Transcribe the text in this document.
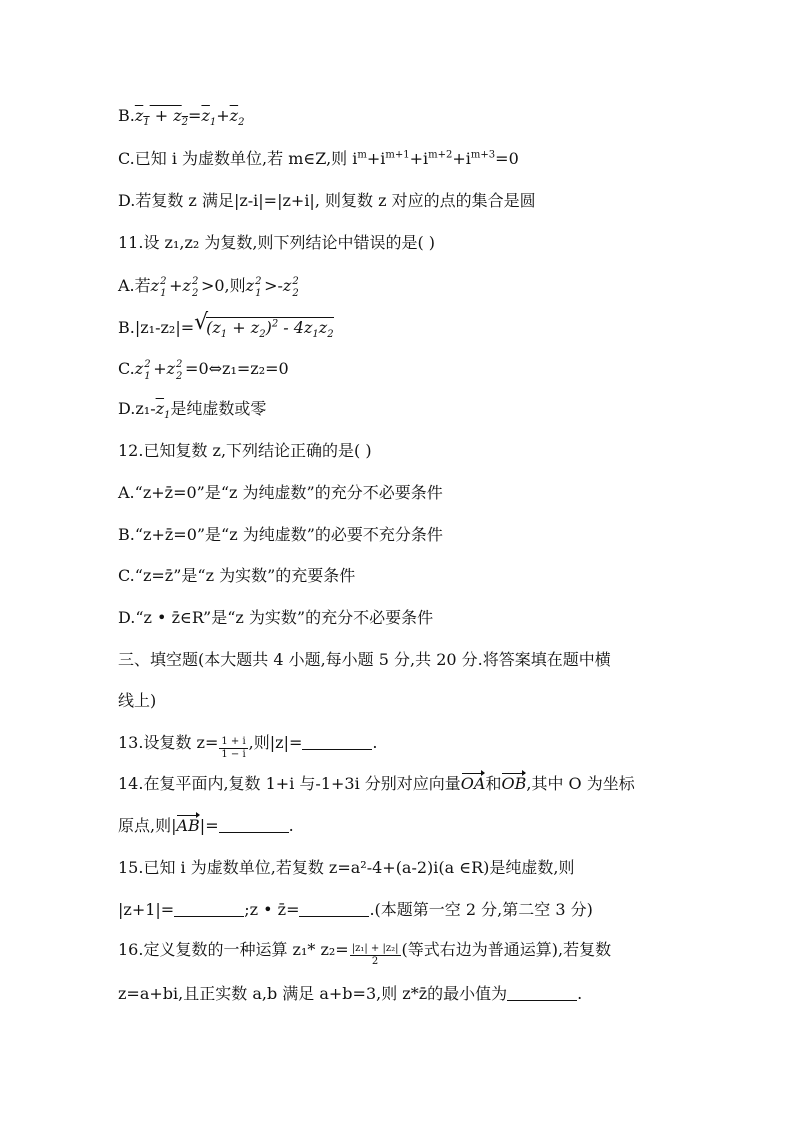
$B.z_1 + z_2=\overline{z}_1+\overline{z}_2$
C.已知 i 为虚数单位,若 m∈Z,则 $i^m+i^{m+1}+i^{m+2}+i^{m+3}=0$
D.若复数 z 满足|z-i|=|z+i|, 则复数 z 对应的点的集合是圆
11.设 z₁,z₂ 为复数,则下列结论中错误的是( )
A.若z 2
1 +z 2
2 >0,则z 2
1 >-z 2
2
B.|z₁-z₂|= √
$(z_1 + z_2)^2 - 4z_1z_2$
C.z 2
1 +z 2
2 =0⇔z₁=z₂=0
$D.z_1-\overline{z}_1$是纯虚数或零
12.已知复数 z,下列结论正确的是( )
A.“z+z̄=0”是“z 为纯虚数”的充分不必要条件
B.“z+z̄=0”是“z 为纯虚数”的必要不充分条件
C.“z=z̄”是“z 为实数”的充要条件
D.“z • z̄∈R”是“z 为实数”的充分不必要条件
三、填空题(本大题共 4 小题,每小题 5 分,共 20 分.将答案填在题中横
线上)
13.设复数 $z= \frac{1 + i}{1 - i}$ ,则|z|=	.
14.在复平面内,复数 1+i 与-1+3i 分别对应向量OA和OB,其中 O 为坐标
原点,则|AB|=	.
15.已知 i 为虚数单位,若复数 z=a²-4+(a-2)i(a ∈R)是纯虚数,则
|z+1|=	;z • z̄=	.(本题第一空 2 分,第二空 3 分)
16.定义复数的一种运算 z₁* $z_2= \frac{\text{|z₁| + |z₂|}}{2}$ (等式右边为普通运算),若复数
z=a+bi,且正实数 a,b 满足 a+b=3,则 z*z̄的最小值为	.
